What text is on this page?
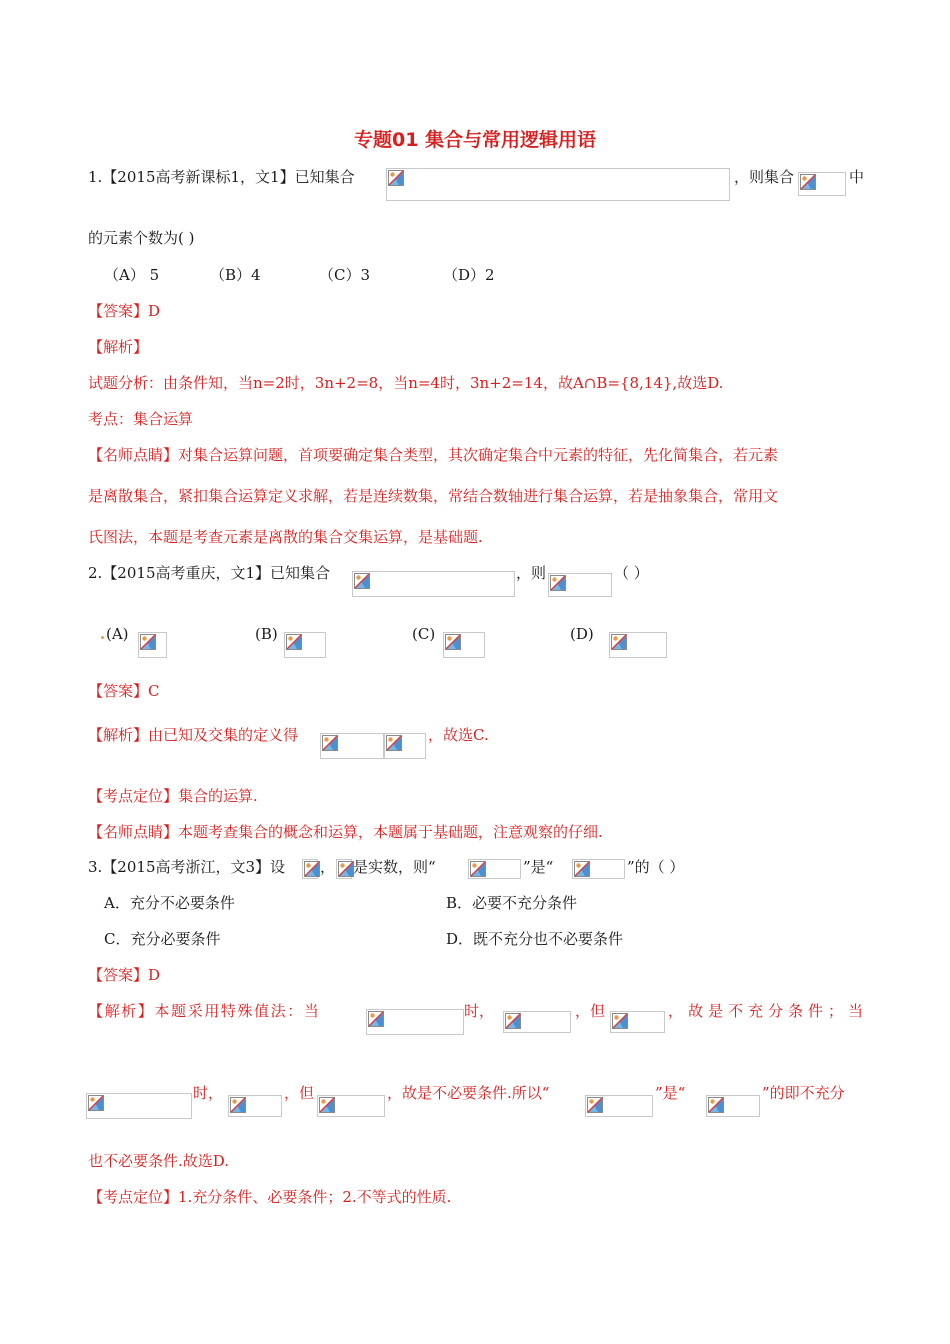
专题01 集合与常用逻辑用语
1.【2015高考新课标1，文1】已知集合	，则集合	中
的元素个数为( )
（A） 5	（B）4	（C）3	（D）2
【答案】D
【解析】
试题分析：由条件知，当n=2时，3n+2=8，当n=4时，3n+2=14，故A∩B={8,14},故选D.
考点：集合运算
【名师点睛】对集合运算问题，首项要确定集合类型，其次确定集合中元素的特征，先化简集合，若元素
是离散集合，紧扣集合运算定义求解，若是连续数集，常结合数轴进行集合运算，若是抽象集合，常用文
氏图法，本题是考查元素是离散的集合交集运算，是基础题.
2.【2015高考重庆，文1】已知集合	，则	（ ）
(A)	(B)	(C)	(D)
【答案】C
【解析】由已知及交集的定义得	，故选C.
【考点定位】集合的运算.
【名师点睛】本题考查集合的概念和运算，本题属于基础题，注意观察的仔细.
3.【2015高考浙江，文3】设 ， 是实数，则“	”是“	”的（ ）
A．充分不必要条件	B．必要不充分条件
C．充分必要条件	D．既不充分也不必要条件
【答案】D
【解析】本题采用特殊值法：当	时，	，但	，故是不充分条件；当
时，	，但	，故是不必要条件.所以“	”是“	”的即不充分
也不必要条件.故选D.
【考点定位】1.充分条件、必要条件；2.不等式的性质.
